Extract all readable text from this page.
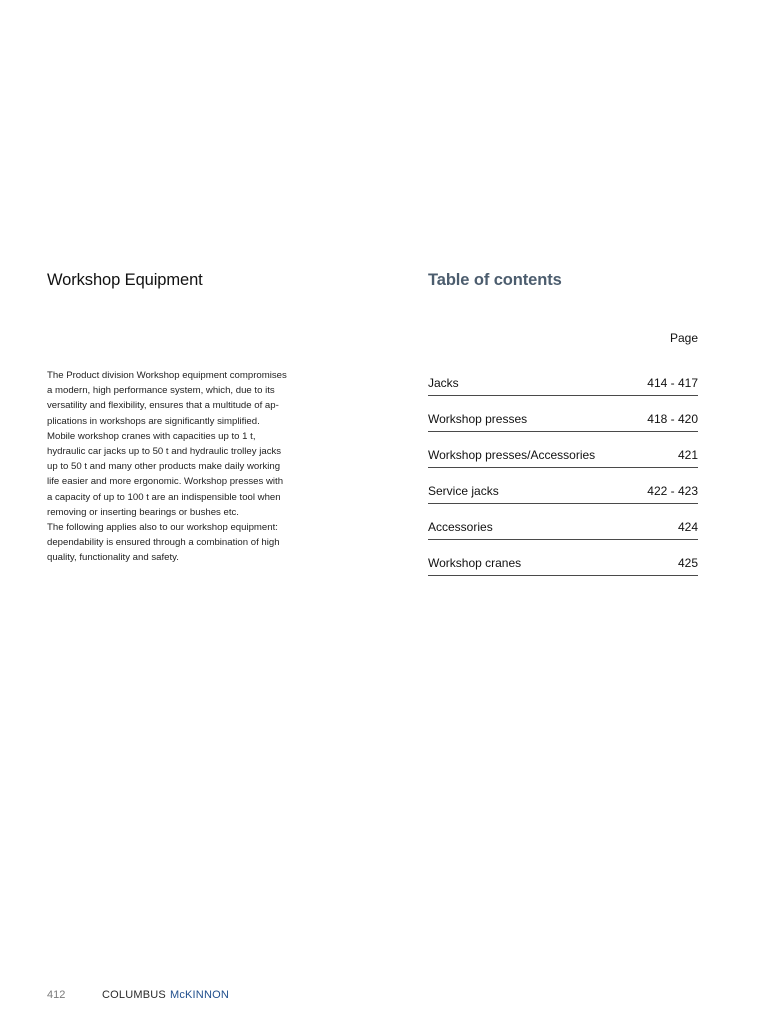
Workshop Equipment

The Product division Workshop equipment compromises
a modern, high performance system, which, due to its
versatility and flexibility, ensures that a multitude of ap-
plications in workshops are significantly simplified.

Mobile workshop cranes with capacities up to 1 t,
hydraulic car jacks up to 50 t and hydraulic trolley jacks
up to 50 t and many other products make daily working
life easier and more ergonomic. Workshop presses with
a capacity of up to 100 t are an indispensible tool when
removing or inserting bearings or bushes etc.

The following applies also to our workshop equipment:
dependability is ensured through a combination of high
quality, functionality and safety.

Table of contents
Page
Jacks	414 - 417
Workshop presses	418 - 420
Workshop presses/Accessories	421
Service jacks	422 - 423
Accessories	424
Workshop cranes	425
412	COLUMBUS McKINNON
